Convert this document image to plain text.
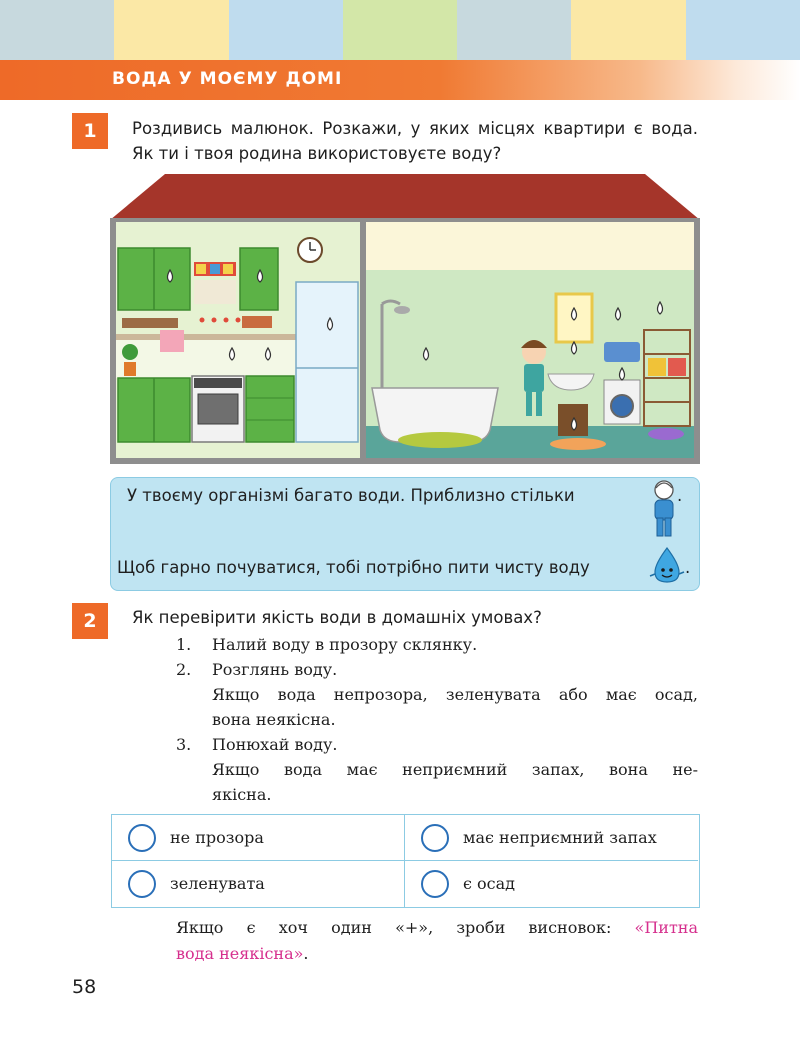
ВОДА У МОЄМУ ДОМІ
1	Роздивись малюнок. Розкажи, у яких місцях квартири є вода.
Як ти і твоя родина використовуєте воду?
У твоєму організмі багато води. Приблизно стільки	.
Щоб гарно почуватися, тобі потрібно пити чисту воду	.
2	Як перевірити якість води в домашніх умовах?
1.	Налий воду в прозору склянку.
2.	Розглянь воду.
Якщо вода непрозора, зеленувата або має осад,
вона неякісна.
3.	Понюхай воду.
Якщо вода має неприємний запах, вона не-
якісна.
не прозора	має неприємний запах
зеленувата	є осад
Якщо є хоч один «+», зроби висновок: «Питна
вода неякісна».
58
